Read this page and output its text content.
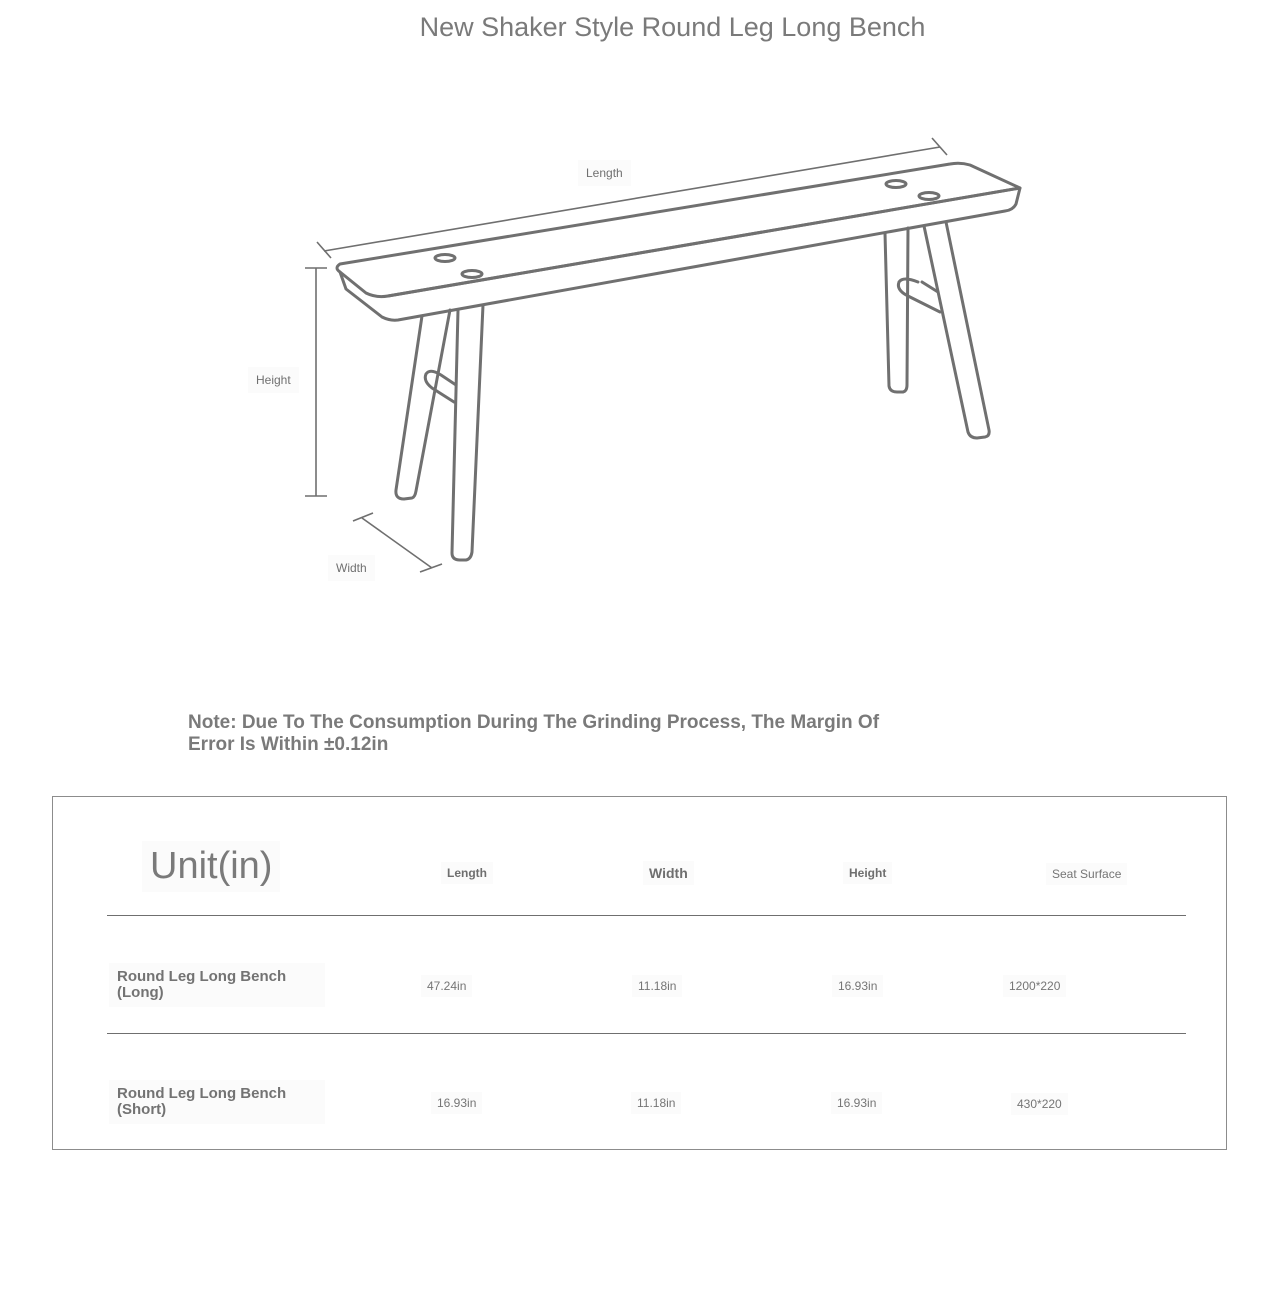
New Shaker Style Round Leg Long Bench
Length
Height
Width
Note: Due To The Consumption During The Grinding Process, The Margin Of Error Is Within ±0.12in
Unit(in)	Length	Width	Height	Seat Surface
Round Leg Long Bench (Long)	47.24in	11.18in	16.93in	1200*220
Round Leg Long Bench (Short)	16.93in	11.18in	16.93in	430*220
